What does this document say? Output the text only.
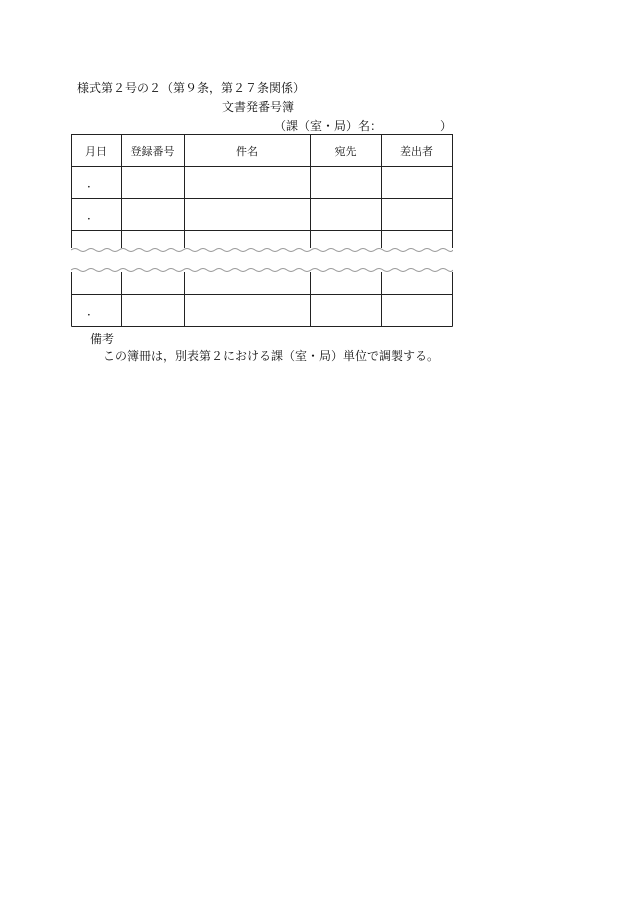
様式第２号の２（第９条，第２７条関係）
文書発番号簿
（課（室・局）名：	）
月日	登録番号	件名	宛先	差出者
．
．
．
備考
この簿冊は，別表第２における課（室・局）単位で調製する。
